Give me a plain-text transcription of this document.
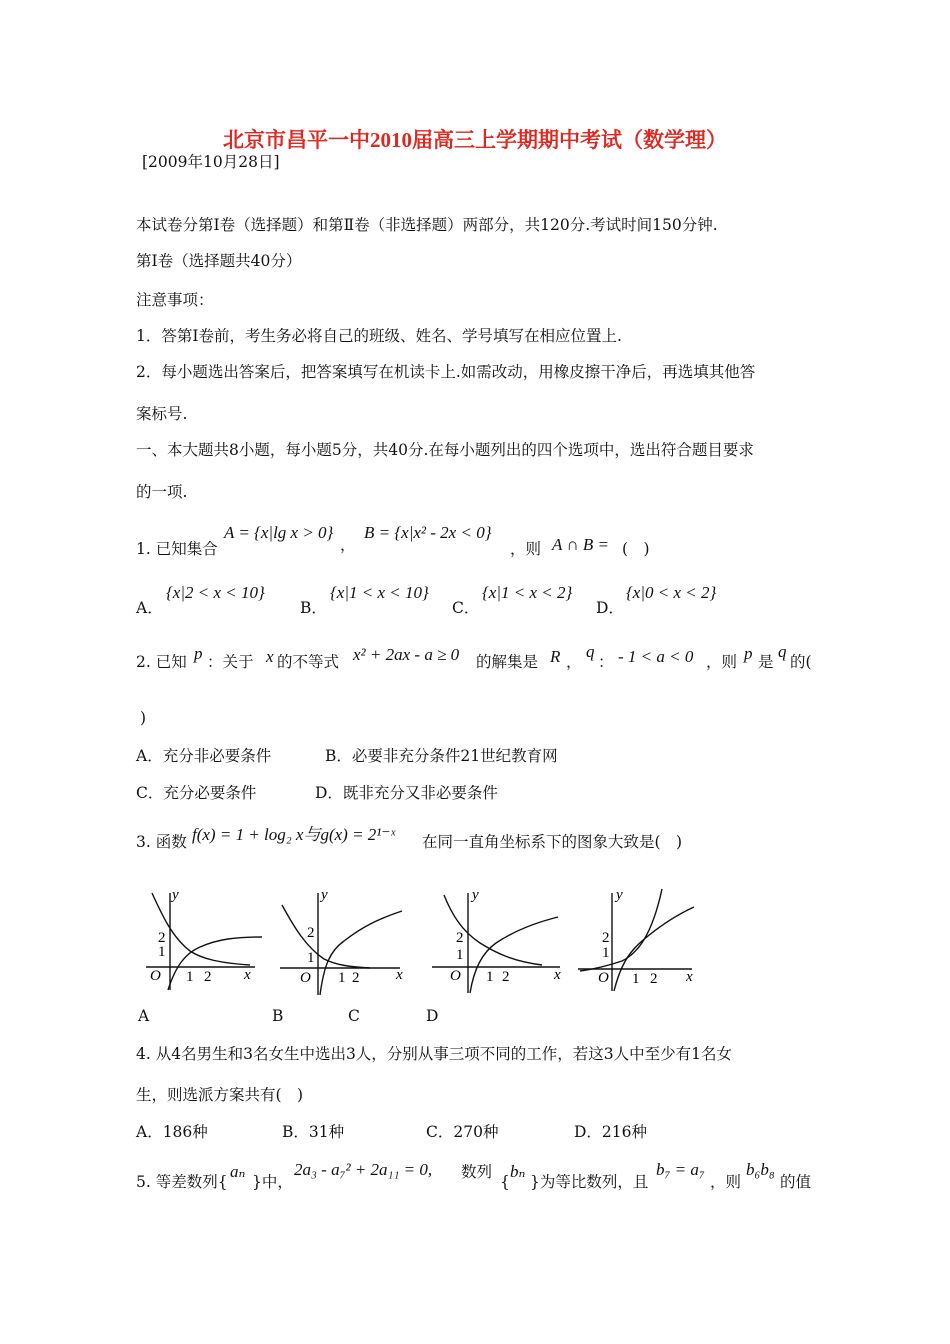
北京市昌平一中2010届高三上学期期中考试（数学理）
[2009年10月28日]
本试卷分第Ⅰ卷（选择题）和第Ⅱ卷（非选择题）两部分，共120分.考试时间150分钟.
第Ⅰ卷（选择题共40分）
注意事项：
1．答第Ⅰ卷前，考生务必将自己的班级、姓名、学号填写在相应位置上.
2．每小题选出答案后，把答案填写在机读卡上.如需改动，用橡皮擦干净后，再选填其他答
案标号.
一、本大题共8小题，每小题5分，共40分.在每小题列出的四个选项中，选出符合题目要求
的一项.
1. 已知集合
A = {x|lg x > 0}
，
B = {x|x² - 2x < 0}
，则 A ∩ B = (　)
A．
{x|2 < x < 10}
B．
{x|1 < x < 10}
C．
{x|1 < x < 2}
D．
{x|0 < x < 2}
2. 已知 p ：关于 x 的不等式 x² + 2ax - a ≥ 0 的解集是 R ，
q
： - 1 < a < 0 ，则 p 是
q
的(
)
A．充分非必要条件	B．必要非充分条件21世纪教育网
C．充分必要条件	D．既非充分又非必要条件
3. 函数 f(x) = 1 + log₂ x与g(x) = 2¹⁻ˣ 在同一直角坐标系下的图象大致是(　)
y
x
O
1
2
1 2
y
x
O
1
2
1 2
y
x
O
1
2
1 2
y
x
O
1
2
1 2
A	B	C	D
4. 从4名男生和3名女生中选出3人，分别从事三项不同的工作，若这3人中至少有1名女
生，则选派方案共有(　)
A．186种	B．31种	C．270种	D．216种
5. 等差数列{
aₙ
}中，
2a₃ - a₇² + 2a₁₁ = 0, 数列
{
bₙ
}为等比数列，且
b₇ = a₇
，则
b₆b₈
的值
